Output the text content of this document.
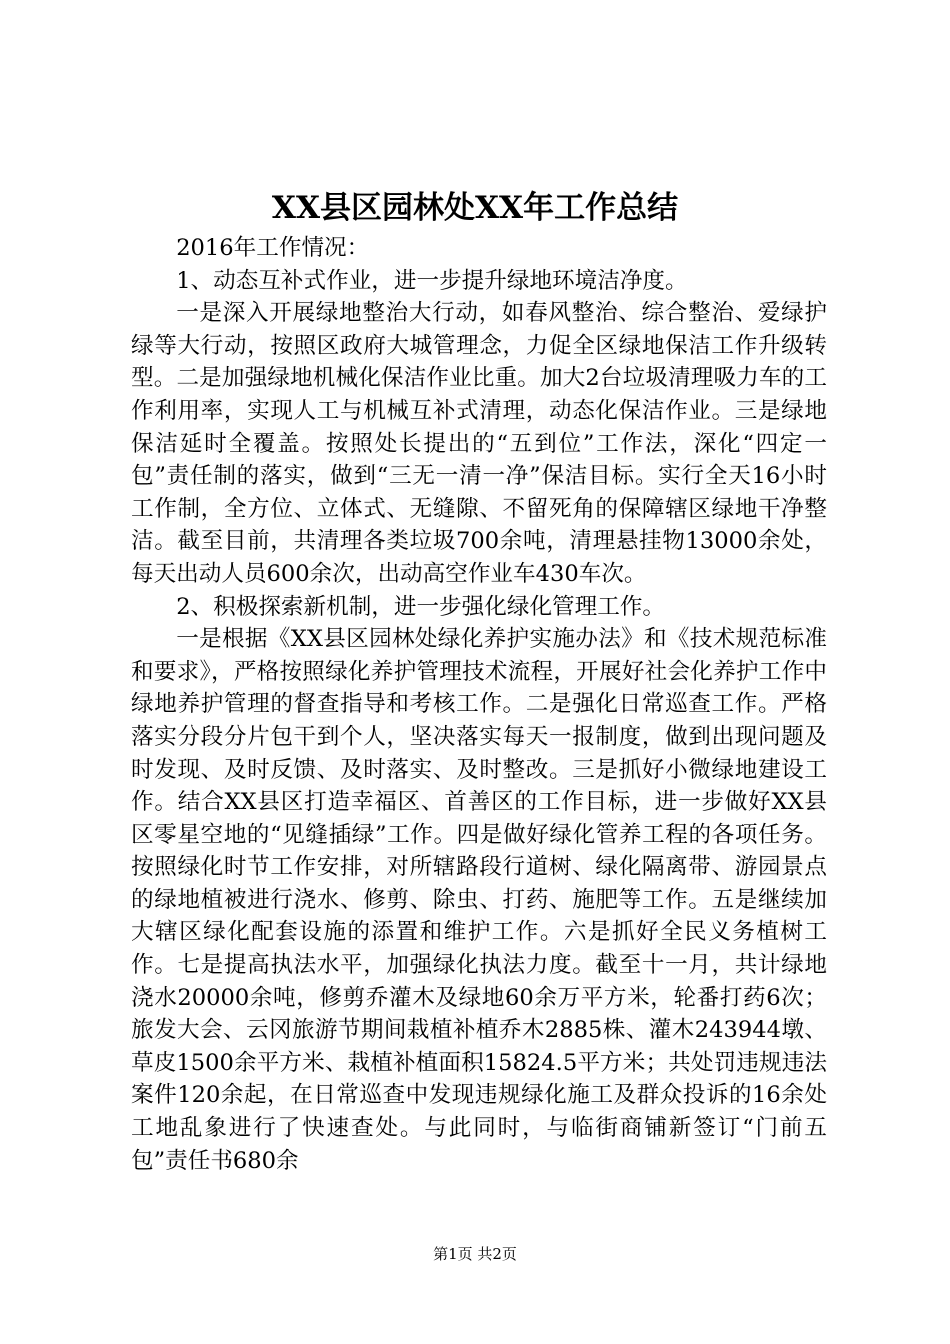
XX县区园林处XX年工作总结

2016年工作情况：

1、动态互补式作业，进一步提升绿地环境洁净度。

一是深入开展绿地整治大行动，如春风整治、综合整治、爱绿护绿等大行动，按照区政府大城管理念，力促全区绿地保洁工作升级转型。二是加强绿地机械化保洁作业比重。加大2台垃圾清理吸力车的工作利用率，实现人工与机械互补式清理，动态化保洁作业。三是绿地保洁延时全覆盖。按照处长提出的“五到位”工作法，深化“四定一包”责任制的落实，做到“三无一清一净”保洁目标。实行全天16小时工作制，全方位、立体式、无缝隙、不留死角的保障辖区绿地干净整洁。截至目前，共清理各类垃圾700余吨，清理悬挂物13000余处，每天出动人员600余次，出动高空作业车430车次。

2、积极探索新机制，进一步强化绿化管理工作。

一是根据《XX县区园林处绿化养护实施办法》和《技术规范标准和要求》，严格按照绿化养护管理技术流程，开展好社会化养护工作中绿地养护管理的督查指导和考核工作。二是强化日常巡查工作。严格落实分段分片包干到个人，坚决落实每天一报制度，做到出现问题及时发现、及时反馈、及时落实、及时整改。三是抓好小微绿地建设工作。结合XX县区打造幸福区、首善区的工作目标，进一步做好XX县区零星空地的“见缝插绿”工作。四是做好绿化管养工程的各项任务。按照绿化时节工作安排，对所辖路段行道树、绿化隔离带、游园景点的绿地植被进行浇水、修剪、除虫、打药、施肥等工作。五是继续加大辖区绿化配套设施的添置和维护工作。六是抓好全民义务植树工作。七是提高执法水平，加强绿化执法力度。截至十一月，共计绿地浇水20000余吨，修剪乔灌木及绿地60余万平方米，轮番打药6次；旅发大会、云冈旅游节期间栽植补植乔木2885株、灌木243944墩、草皮1500余平方米、栽植补植面积15824.5平方米；共处罚违规违法案件120余起，在日常巡查中发现违规绿化施工及群众投诉的16余处工地乱象进行了快速查处。与此同时，与临街商铺新签订“门前五包”责任书680余

第1页 共2页
